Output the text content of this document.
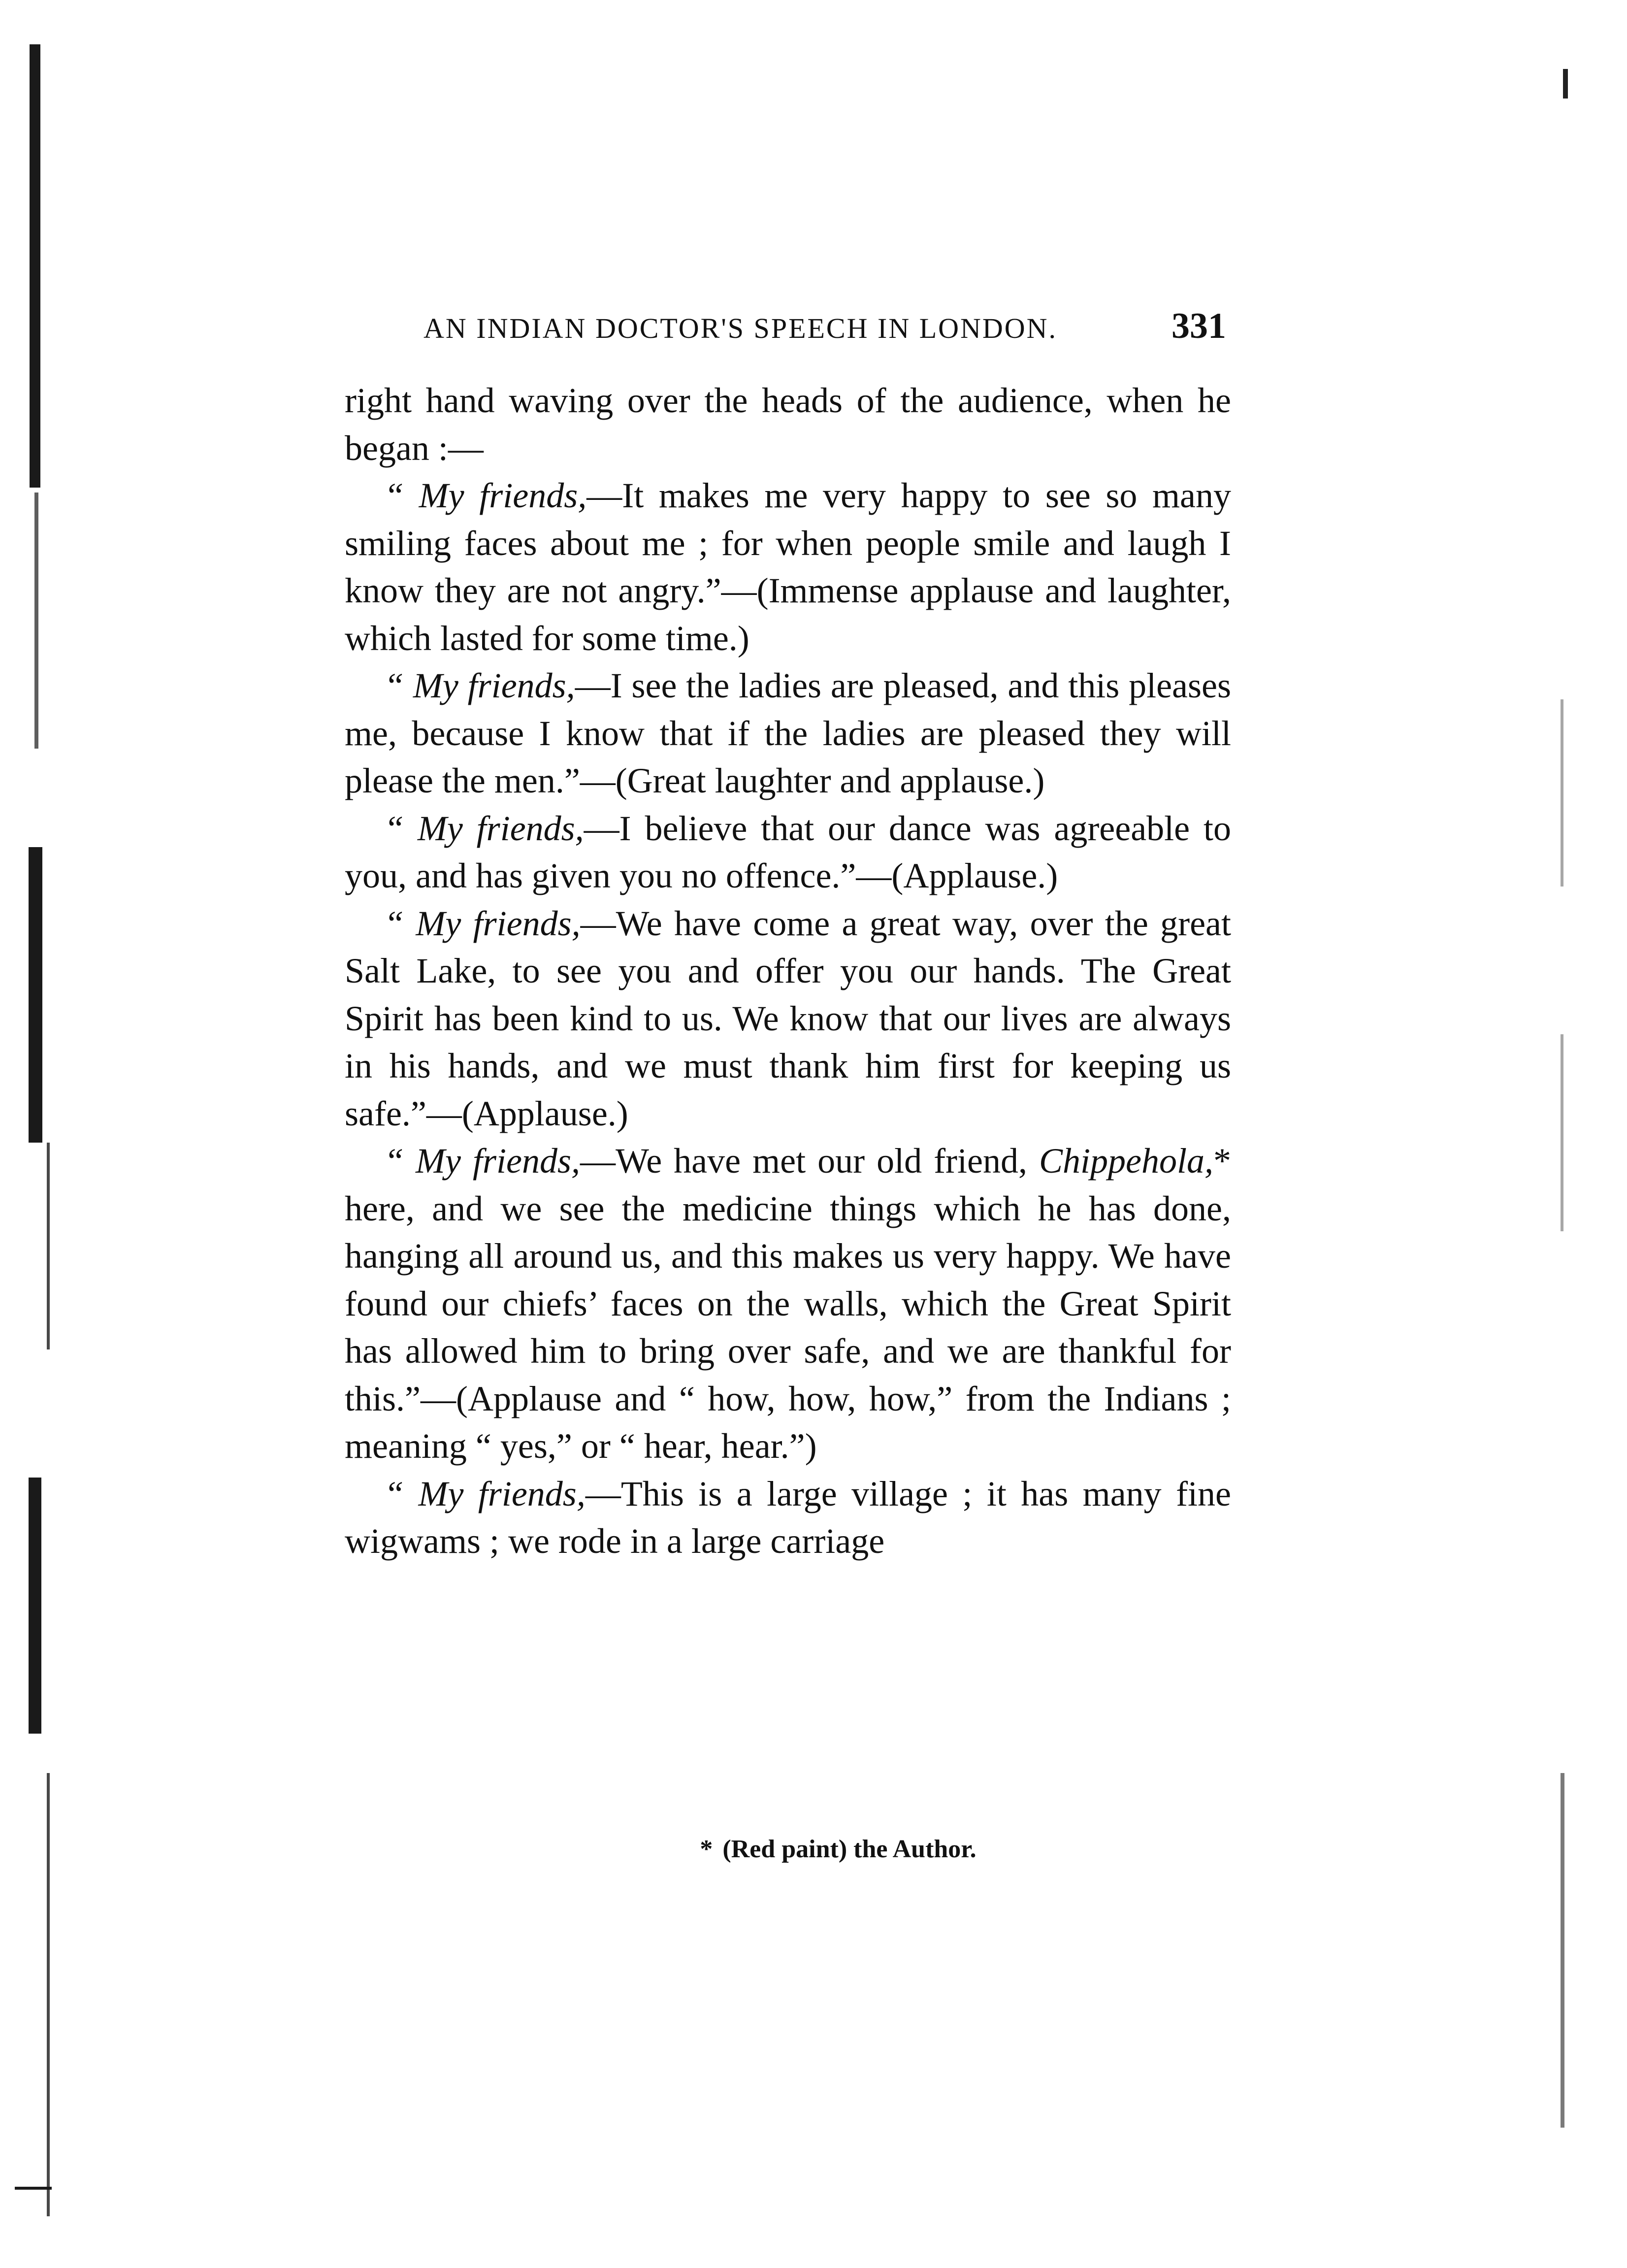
AN INDIAN DOCTOR'S SPEECH IN LONDON.	331

right hand waving over the heads of the audience, when he began :—

“ My friends,—It makes me very happy to see so many smiling faces about me ; for when people smile and laugh I know they are not angry.”—(Immense applause and laughter, which lasted for some time.)

“ My friends,—I see the ladies are pleased, and this pleases me, because I know that if the ladies are pleased they will please the men.”—(Great laughter and applause.)

“ My friends,—I believe that our dance was agreeable to you, and has given you no offence.”—(Applause.)

“ My friends,—We have come a great way, over the great Salt Lake, to see you and offer you our hands. The Great Spirit has been kind to us. We know that our lives are always in his hands, and we must thank him first for keeping us safe.”—(Applause.)

“ My friends,—We have met our old friend, Chippehola,* here, and we see the medicine things which he has done, hanging all around us, and this makes us very happy. We have found our chiefs’ faces on the walls, which the Great Spirit has allowed him to bring over safe, and we are thankful for this.”—(Applause and “ how, how, how,” from the Indians ; meaning “ yes,” or “ hear, hear.”)

“ My friends,—This is a large village ; it has many fine wigwams ; we rode in a large carriage

* (Red paint) the Author.
